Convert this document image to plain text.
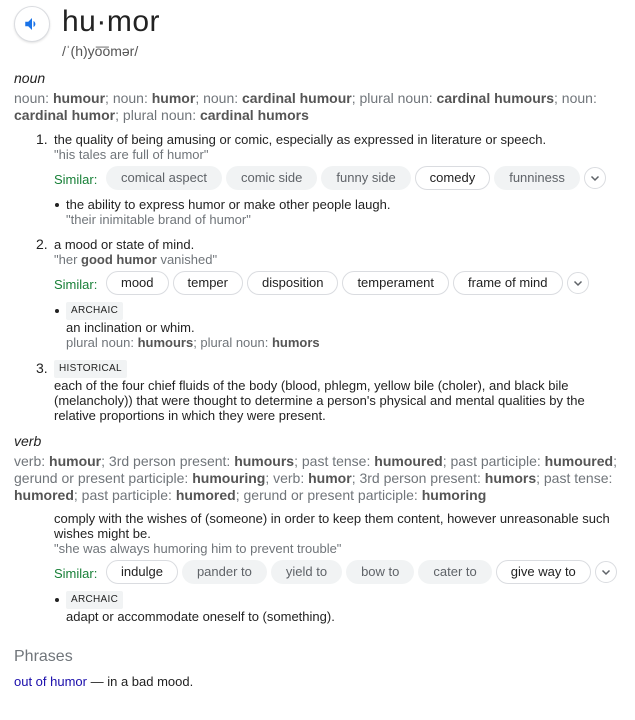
hu·mor
/ˈ(h)yo͞omər/
noun
noun: humour; noun: humor; noun: cardinal humour; plural noun: cardinal humours; noun: cardinal humor; plural noun: cardinal humors
1. the quality of being amusing or comic, especially as expressed in literature or speech.
"his tales are full of humor"
Similar:	comical aspect	comic side	funny side	comedy	funniness
the ability to express humor or make other people laugh.
"their inimitable brand of humor"
2. a mood or state of mind.
"her good humor vanished"
Similar:	mood	temper	disposition	temperament	frame of mind
ARCHAIC
an inclination or whim.
plural noun: humours; plural noun: humors
3.	HISTORICAL
each of the four chief fluids of the body (blood, phlegm, yellow bile (choler), and black bile (melancholy)) that were thought to determine a person's physical and mental qualities by the relative proportions in which they were present.
verb
verb: humour; 3rd person present: humours; past tense: humoured; past participle: humoured; gerund or present participle: humouring; verb: humor; 3rd person present: humors; past tense: humored; past participle: humored; gerund or present participle: humoring
comply with the wishes of (someone) in order to keep them content, however unreasonable such wishes might be.
"she was always humoring him to prevent trouble"
Similar:	indulge	pander to	yield to	bow to	cater to	give way to
ARCHAIC
adapt or accommodate oneself to (something).
Phrases
out of humor — in a bad mood.
